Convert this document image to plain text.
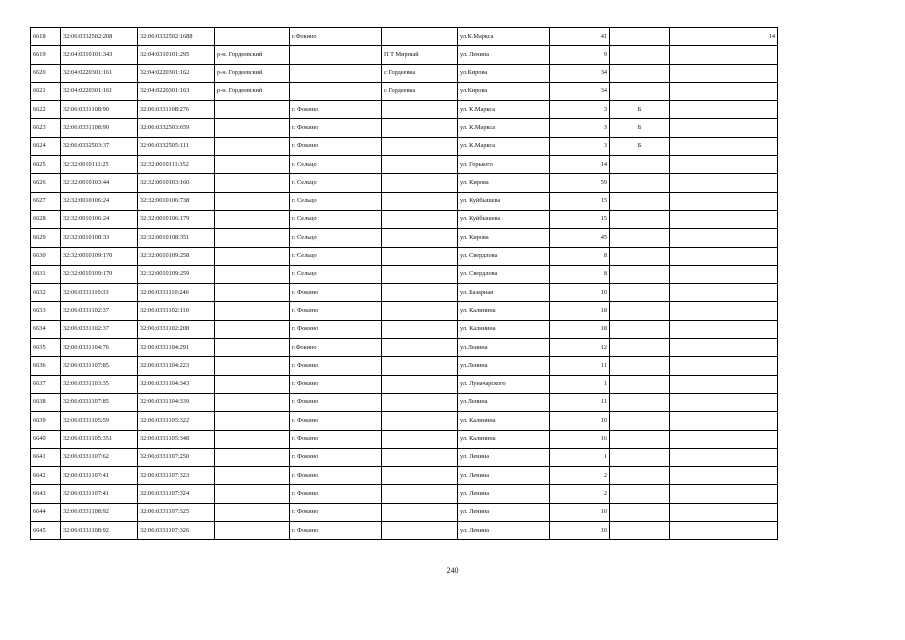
6618	32:06:0332502:208	32:06:0332502:1688		г.Фокино		ул.К.Маркса	41		14
6619	32:04:0310101:343	32:04:0310101:295	р-н. Гордеевский		П Т Мирный	ул. Ленина	9		
6620	32:04:0220301:161	32:04:0220301:162	р-н. Гордеевский		с Гордеевка	ул.Кирова	34		
6621	32:04:0220301:161	32:04:0220301:163	р-н. Гордеевский		с Гордеевка	ул.Кирова	34		
6622	32:06:0331108:90	32:06:0331108:276		г. Фокино		ул. К.Маркса	3	Б	
6623	32:06:0331108:90	32:06:0332503:659		г. Фокино		ул. К.Маркса	3	Б	
6624	32:06:0332503:37	32:06:0332505:111		г. Фокино		ул. К.Маркса	3	Б	
6625	32:32:0010111:25	32:32:0010111:352		г. Сельцо		ул. Горького	14		
6626	32:32:0010103:44	32:32:0010103:160		г. Сельцо		ул. Кирова	59		
6627	32:32:0010106:24	32:32:0010106:738		г. Сельцо		ул. Куйбышева	15		
6628	32:32:0010106:24	32:32:0010106:179		г. Сельцо		ул. Куйбышева	15		
6629	32:32:0010108:33	32:32:0010108:351		г. Сельцо		ул. Кирова	45		
6630	32:32:0010109:170	32:32:0010109:258		г. Сельцо		ул. Свердлова	8		
6631	32:32:0010109:170	32:32:0010109:259		г. Сельцо		ул. Свердлова	8		
6632	32:06:0331110:33	32:06:0331110:246		г. Фокино		ул. Базарная	10		
6633	32:06:0331102:37	32:06:0331102:110		г. Фокино		ул. Калинина	18		
6634	32:06:0331102:37	32:06:0331102:208		г. Фокино		ул. Калинина	18		
6635	32:06:0331104:76	32:06:0331104:291		г.Фокино		ул.Ленина	12		
6636	32:06:0331107:85	32:06:0331104:223		г. Фокино		ул.Ленина	11		
6637	32:06:0331103:35	32:06:0331104:343		г. Фокино		ул. Луначарского	1		
6638	32:06:0331107:85	32:06:0331104:339		г. Фокино		ул.Ленина	11		
6639	32:06:0331105:59	32:06:0331105:322		г. Фокино		ул. Калинина	10		
6640	32:06:0331105:351	32:06:0331105:348		г. Фокино		ул. Калинина	16		
6641	32:06:0331107:62	32:06:0331107:250		г. Фокино		ул. Ленина	1		
6642	32:06:0331107:41	32:06:0331107:323		г. Фокино		ул. Ленина	2		
6643	32:06:0331107:41	32:06:0331107:324		г. Фокино		ул. Ленина	2		
6644	32:06:0331108:92	32:06:0331107:325		г. Фокино		ул. Ленина	10		
6645	32:06:0331108:92	32:06:0331107:326		г. Фокино		ул. Ленина	10		
240
